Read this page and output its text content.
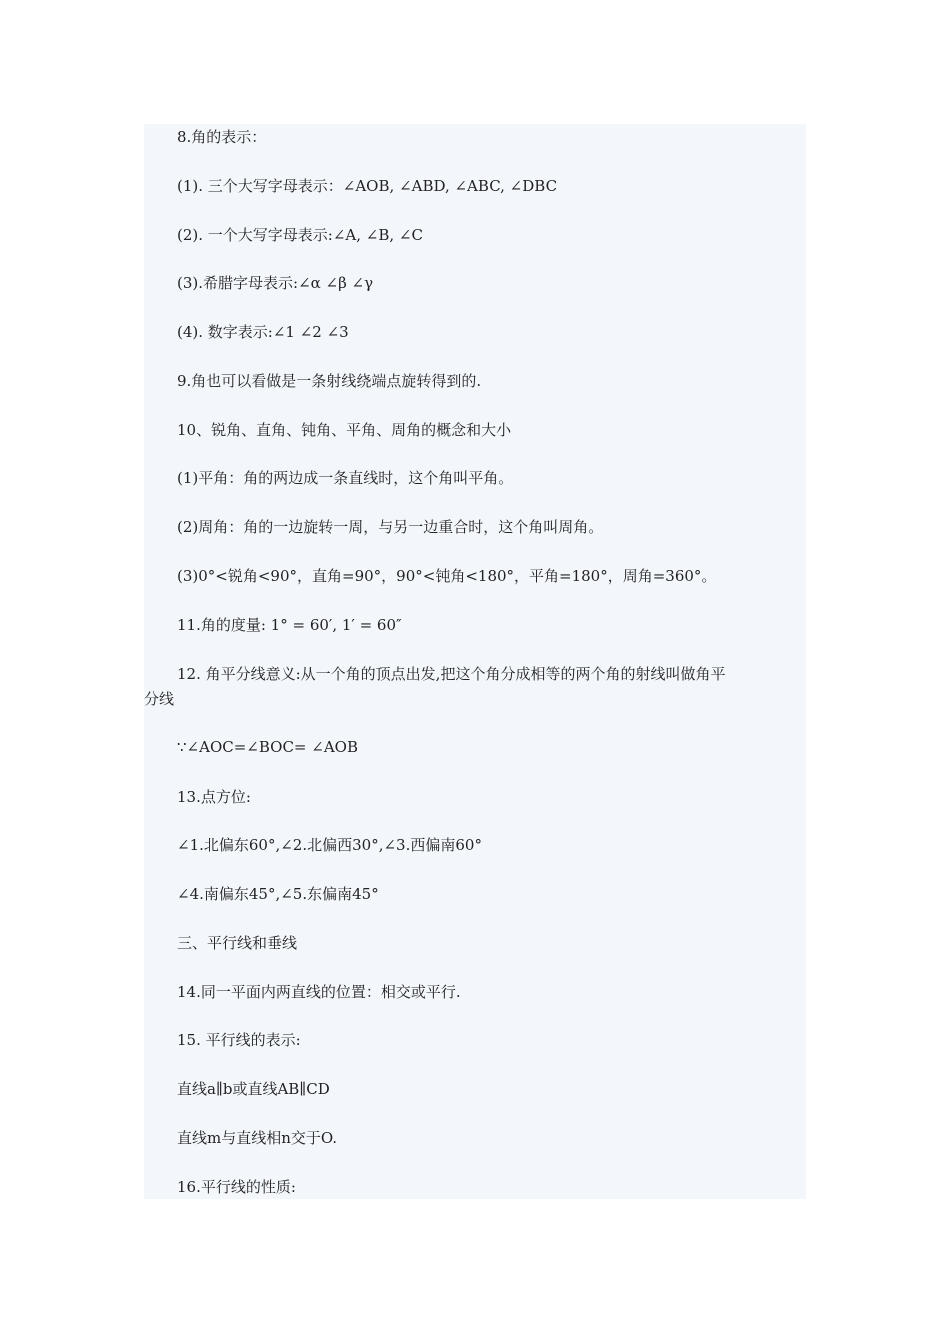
8.角的表示：
(1). 三个大写字母表示：∠AOB, ∠ABD, ∠ABC, ∠DBC
(2). 一个大写字母表示:∠A, ∠B, ∠C
(3).希腊字母表示:∠α ∠β ∠γ
(4). 数字表示:∠1 ∠2 ∠3
9.角也可以看做是一条射线绕端点旋转得到的.
10、锐角、直角、钝角、平角、周角的概念和大小
(1)平角：角的两边成一条直线时，这个角叫平角。
(2)周角：角的一边旋转一周，与另一边重合时，这个角叫周角。
(3)0°<锐角<90°，直角=90°，90°<钝角<180°，平角=180°，周角=360°。
11.角的度量: 1° = 60′, 1′ = 60″
12. 角平分线意义:从一个角的顶点出发,把这个角分成相等的两个角的射线叫做角平
分线
∵∠AOC=∠BOC= ∠AOB
13.点方位:
∠1.北偏东60°,∠2.北偏西30°,∠3.西偏南60°
∠4.南偏东45°,∠5.东偏南45°
三、平行线和垂线
14.同一平面内两直线的位置：相交或平行.
15. 平行线的表示:
直线a∥b或直线AB∥CD
直线m与直线相n交于O.
16.平行线的性质:
